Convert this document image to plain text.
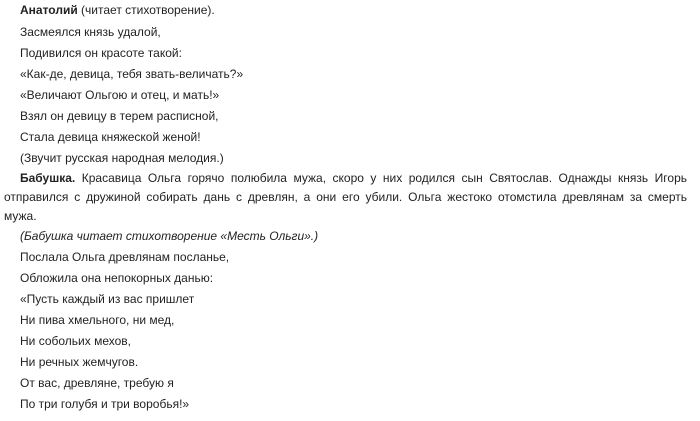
Анатолий (читает стихотворение).
Засмеялся князь удалой,
Подивился он красоте такой:
«Как-де, девица, тебя звать-величать?»
«Величают Ольгою и отец, и мать!»
Взял он девицу в терем расписной,
Стала девица княжеской женой!
(Звучит русская народная мелодия.)
Бабушка. Красавица Ольга горячо полюбила мужа, скоро у них родился сын Святослав. Однажды князь Игорь
отправился с дружиной собирать дань с древлян, а они его убили. Ольга жестоко отомстила древлянам за смерть
мужа.
(Бабушка читает стихотворение «Месть Ольги».)
Послала Ольга древлянам посланье,
Обложила она непокорных данью:
«Пусть каждый из вас пришлет
Ни пива хмельного, ни мед,
Ни собольих мехов,
Ни речных жемчугов.
От вас, древляне, требую я
По три голубя и три воробья!»
